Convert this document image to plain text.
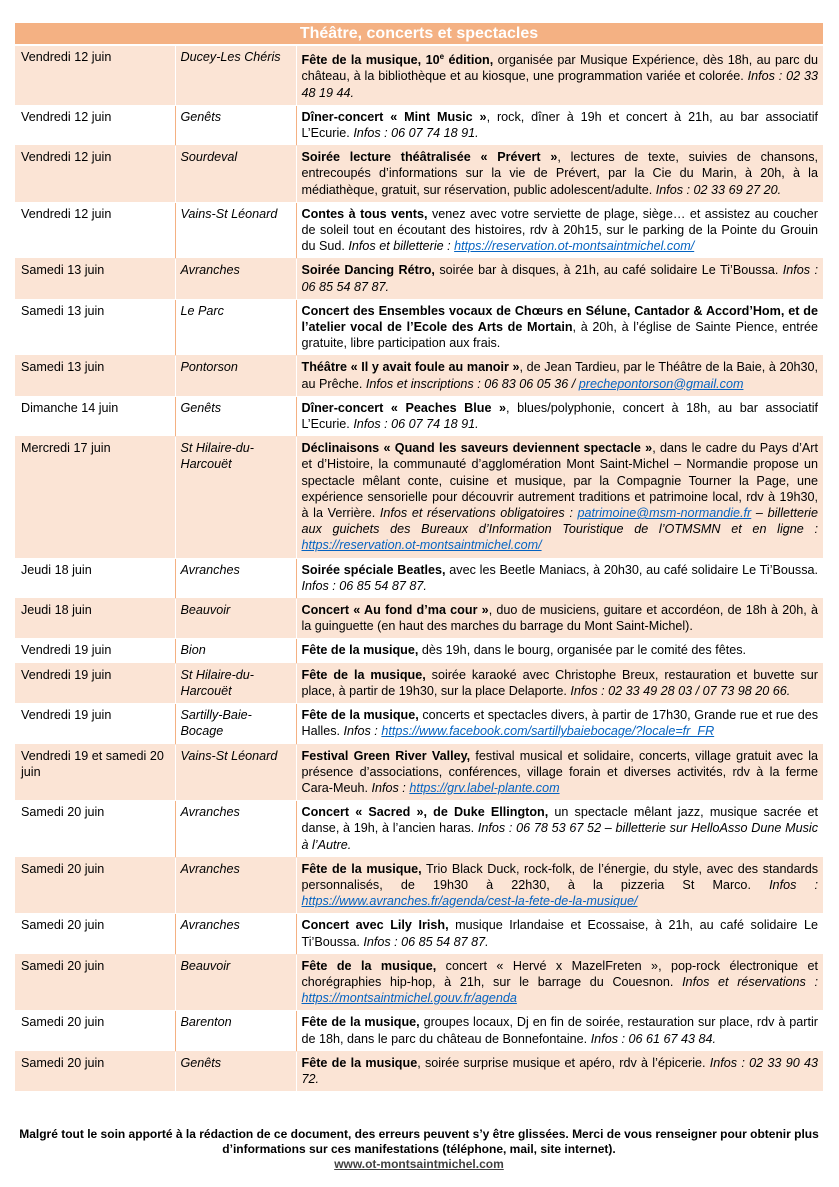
Théâtre, concerts et spectacles
Vendredi 12 juin	Ducey-Les Chéris	Fête de la musique, 10e édition, organisée par Musique Expérience, dès 18h, au parc du château, à la bibliothèque et au kiosque, une programmation variée et colorée. Infos : 02 33 48 19 44.
Vendredi 12 juin	Genêts	Dîner-concert « Mint Music », rock, dîner à 19h et concert à 21h, au bar associatif L’Ecurie. Infos : 06 07 74 18 91.
Vendredi 12 juin	Sourdeval	Soirée lecture théâtralisée « Prévert », lectures de texte, suivies de chansons, entrecoupés d’informations sur la vie de Prévert, par la Cie du Marin, à 20h, à la médiathèque, gratuit, sur réservation, public adolescent/adulte. Infos : 02 33 69 27 20.
Vendredi 12 juin	Vains-St Léonard	Contes à tous vents, venez avec votre serviette de plage, siège… et assistez au coucher de soleil tout en écoutant des histoires, rdv à 20h15, sur le parking de la Pointe du Grouin du Sud. Infos et billetterie : https://reservation.ot-montsaintmichel.com/
Samedi 13 juin	Avranches	Soirée Dancing Rétro, soirée bar à disques, à 21h, au café solidaire Le Ti’Boussa. Infos : 06 85 54 87 87.
Samedi 13 juin	Le Parc	Concert des Ensembles vocaux de Chœurs en Sélune, Cantador & Accord’Hom, et de l’atelier vocal de l’Ecole des Arts de Mortain, à 20h, à l’église de Sainte Pience, entrée gratuite, libre participation aux frais.
Samedi 13 juin	Pontorson	Théâtre « Il y avait foule au manoir », de Jean Tardieu, par le Théâtre de la Baie, à 20h30, au Prêche. Infos et inscriptions : 06 83 06 05 36 / prechepontorson@gmail.com
Dimanche 14 juin	Genêts	Dîner-concert « Peaches Blue », blues/polyphonie, concert à 18h, au bar associatif L’Ecurie. Infos : 06 07 74 18 91.
Mercredi 17 juin	St Hilaire-du-Harcouët	Déclinaisons « Quand les saveurs deviennent spectacle », dans le cadre du Pays d’Art et d’Histoire, la communauté d’agglomération Mont Saint-Michel – Normandie propose un spectacle mêlant conte, cuisine et musique, par la Compagnie Tourner la Page, une expérience sensorielle pour découvrir autrement traditions et patrimoine local, rdv à 19h30, à la Verrière. Infos et réservations obligatoires : patrimoine@msm-normandie.fr – billetterie aux guichets des Bureaux d’Information Touristique de l’OTMSMN et en ligne : https://reservation.ot-montsaintmichel.com/
Jeudi 18 juin	Avranches	Soirée spéciale Beatles, avec les Beetle Maniacs, à 20h30, au café solidaire Le Ti’Boussa. Infos : 06 85 54 87 87.
Jeudi 18 juin	Beauvoir	Concert « Au fond d’ma cour », duo de musiciens, guitare et accordéon, de 18h à 20h, à la guinguette (en haut des marches du barrage du Mont Saint-Michel).
Vendredi 19 juin	Bion	Fête de la musique, dès 19h, dans le bourg, organisée par le comité des fêtes.
Vendredi 19 juin	St Hilaire-du-Harcouët	Fête de la musique, soirée karaoké avec Christophe Breux, restauration et buvette sur place, à partir de 19h30, sur la place Delaporte. Infos : 02 33 49 28 03 / 07 73 98 20 66.
Vendredi 19 juin	Sartilly-Baie-Bocage	Fête de la musique, concerts et spectacles divers, à partir de 17h30, Grande rue et rue des Halles. Infos : https://www.facebook.com/sartillybaiebocage/?locale=fr_FR
Vendredi 19 et samedi 20 juin	Vains-St Léonard	Festival Green River Valley, festival musical et solidaire, concerts, village gratuit avec la présence d’associations, conférences, village forain et diverses activités, rdv à la ferme Cara-Meuh. Infos : https://grv.label-plante.com
Samedi 20 juin	Avranches	Concert « Sacred », de Duke Ellington, un spectacle mêlant jazz, musique sacrée et danse, à 19h, à l’ancien haras. Infos : 06 78 53 67 52 – billetterie sur HelloAsso Dune Music à l’Autre.
Samedi 20 juin	Avranches	Fête de la musique, Trio Black Duck, rock-folk, de l’énergie, du style, avec des standards personnalisés, de 19h30 à 22h30, à la pizzeria St Marco. Infos : https://www.avranches.fr/agenda/cest-la-fete-de-la-musique/
Samedi 20 juin	Avranches	Concert avec Lily Irish, musique Irlandaise et Ecossaise, à 21h, au café solidaire Le Ti’Boussa. Infos : 06 85 54 87 87.
Samedi 20 juin	Beauvoir	Fête de la musique, concert « Hervé x MazelFreten », pop-rock électronique et chorégraphies hip-hop, à 21h, sur le barrage du Couesnon. Infos et réservations : https://montsaintmichel.gouv.fr/agenda
Samedi 20 juin	Barenton	Fête de la musique, groupes locaux, Dj en fin de soirée, restauration sur place, rdv à partir de 18h, dans le parc du château de Bonnefontaine. Infos : 06 61 67 43 84.
Samedi 20 juin	Genêts	Fête de la musique, soirée surprise musique et apéro, rdv à l’épicerie. Infos : 02 33 90 43 72.
Malgré tout le soin apporté à la rédaction de ce document, des erreurs peuvent s’y être glissées. Merci de vous renseigner pour obtenir plus d’informations sur ces manifestations (téléphone, mail, site internet).
www.ot-montsaintmichel.com
